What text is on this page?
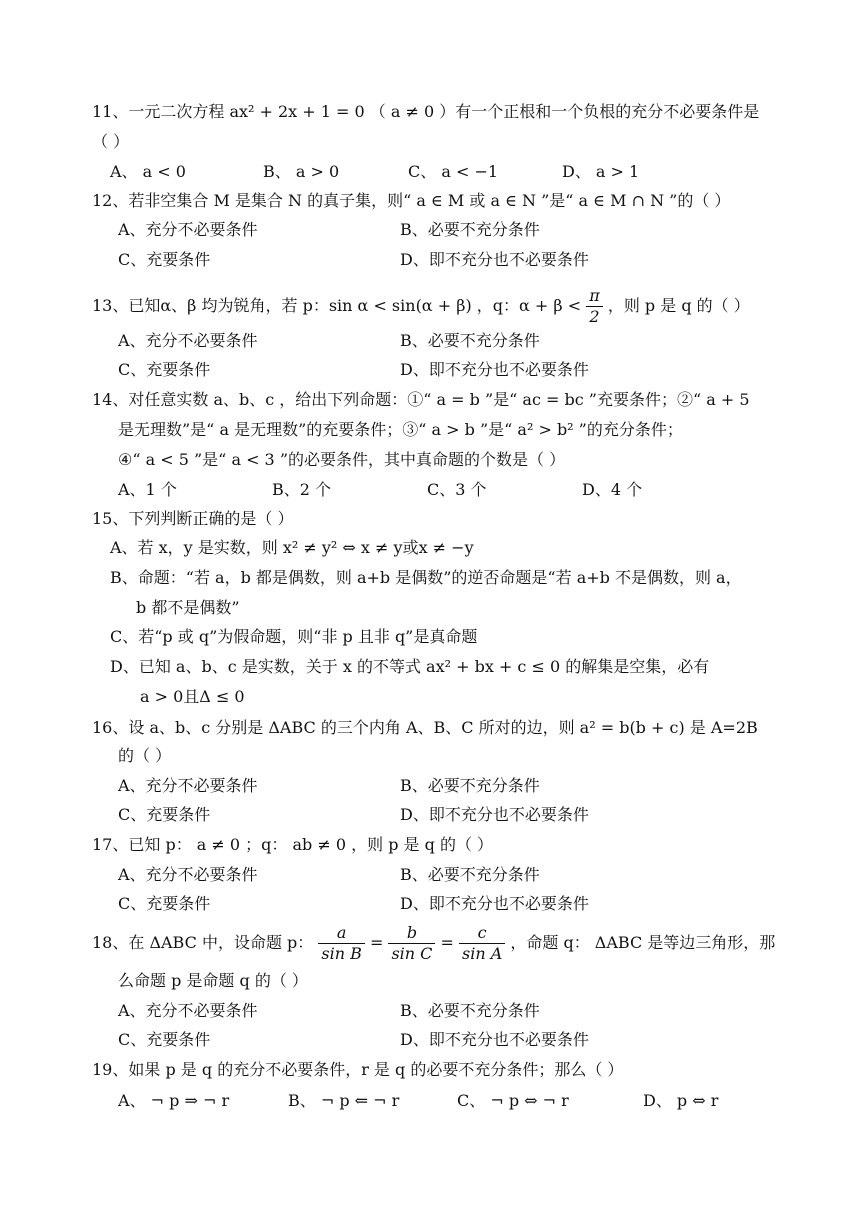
11、一元二次方程 ax² + 2x + 1 = 0 （ a ≠ 0 ）有一个正根和一个负根的充分不必要条件是
（ ）
A、 a < 0	B、 a > 0	C、 a < −1	D、 a > 1
12、若非空集合 M 是集合 N 的真子集，则“ a ∈ M 或 a ∈ N ”是“ a ∈ M ∩ N ”的（ ）
A、充分不必要条件	B、必要不充分条件
C、充要条件	D、即不充分也不必要条件
13、已知α、β 均为锐角，若 p：sin α < sin(α + β) ，q：$\alpha + \beta < \frac{\pi}{2}$ ，则 p 是 q 的（ ）
A、充分不必要条件	B、必要不充分条件
C、充要条件	D、即不充分也不必要条件
14、对任意实数 a、b、c ，给出下列命题：①“ a = b ”是“ ac = bc ”充要条件；②“ a + 5
是无理数”是“ a 是无理数”的充要条件；③“ a > b ”是“ a² > b² ”的充分条件；
④“ a < 5 ”是“ a < 3 ”的必要条件，其中真命题的个数是（ ）
A、1 个	B、2 个	C、3 个	D、4 个
15、下列判断正确的是（ ）
A、若 x，y 是实数，则 x² ≠ y² ⇔ x ≠ y或x ≠ −y
B、命题：“若 a，b 都是偶数，则 a+b 是偶数”的逆否命题是“若 a+b 不是偶数，则 a，
b 都不是偶数”
C、若“p 或 q”为假命题，则“非 p 且非 q”是真命题
D、已知 a、b、c 是实数，关于 x 的不等式 ax² + bx + c ≤ 0 的解集是空集，必有
a > 0且Δ ≤ 0
16、设 a、b、c 分别是 ΔABC 的三个内角 A、B、C 所对的边，则 a² = b(b + c) 是 A=2B
的（ ）
A、充分不必要条件	B、必要不充分条件
C、充要条件	D、即不充分也不必要条件
17、已知 p： a ≠ 0 ；q： ab ≠ 0 ，则 p 是 q 的（ ）
A、充分不必要条件	B、必要不充分条件
C、充要条件	D、即不充分也不必要条件
18、在 ΔABC 中，设命题 p： $\frac{a}{\text{sin B}} = \frac{b}{\text{sin C}} = \frac{c}{\text{sin A}}$ ，命题 q： ΔABC 是等边三角形，那
么命题 p 是命题 q 的（ ）
A、充分不必要条件	B、必要不充分条件
C、充要条件	D、即不充分也不必要条件
19、如果 p 是 q 的充分不必要条件，r 是 q 的必要不充分条件；那么（ ）
A、 ¬ p ⇒ ¬ r	B、 ¬ p ⇐ ¬ r	C、 ¬ p ⇔ ¬ r	D、 p ⇔ r
